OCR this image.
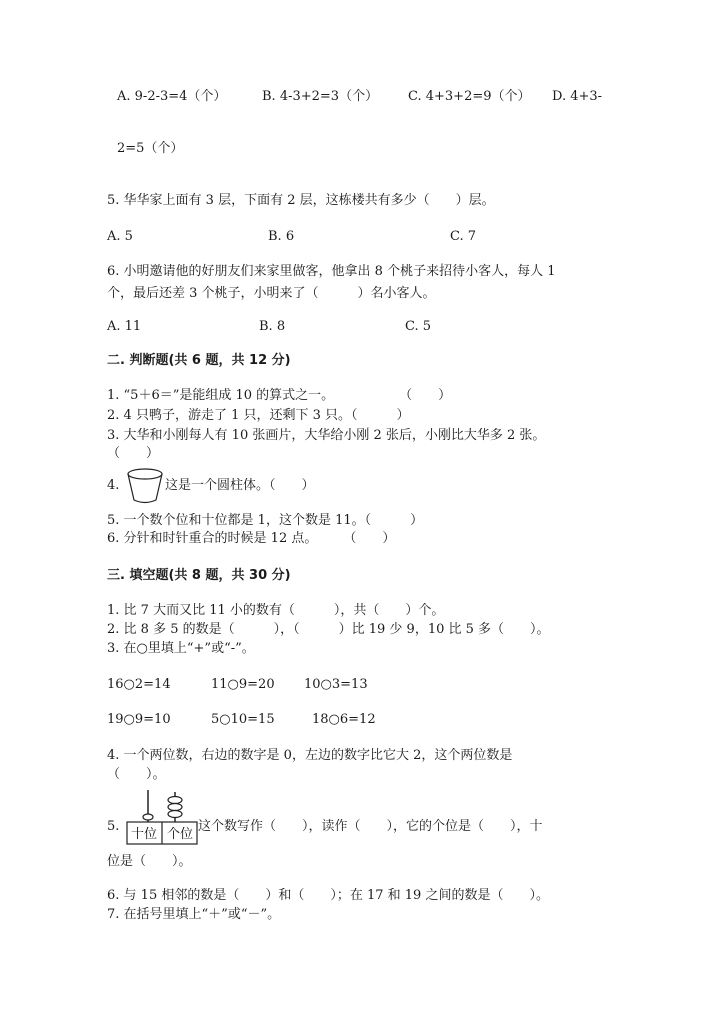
A. 9-2-3=4（个）	B. 4-3+2=3（个） C. 4+3+2=9（个） D. 4+3-
2=5（个）
5. 华华家上面有 3 层，下面有 2 层，这栋楼共有多少（　　）层。
A. 5	B. 6	C. 7
6. 小明邀请他的好朋友们来家里做客，他拿出 8 个桃子来招待小客人，每人 1
个，最后还差 3 个桃子，小明来了（　　　）名小客人。
A. 11	B. 8	C. 5
二. 判断题(共 6 题，共 12 分)
1. “5＋6＝”是能组成 10 的算式之一。　　　　　　（　　）
2. 4 只鸭子，游走了 1 只，还剩下 3 只。（　　　）
3. 大华和小刚每人有 10 张画片，大华给小刚 2 张后，小刚比大华多 2 张。
（　　）
4.	这是一个圆柱体。（　　）
5. 一个数个位和十位都是 1，这个数是 11。（　　　）
6. 分针和时针重合的时候是 12 点。　　　（　　）
三. 填空题(共 8 题，共 30 分)
1. 比 7 大而又比 11 小的数有（　　　），共（　　）个。
2. 比 8 多 5 的数是（　　　），（　　　）比 19 少 9，10 比 5 多（　　）。
3. 在○里填上“+”或“-”。
16○2=14	11○9=20 10○3=13
19○9=10	5○10=15	18○6=12
4. 一个两位数，右边的数字是 0，左边的数字比它大 2，这个两位数是
（　　）。
5.
十位 个位
这个数写作（　　），读作（　　），它的个位是（　　），十
位是（　　）。
6. 与 15 相邻的数是（　　）和（　　）；在 17 和 19 之间的数是（　　）。
7. 在括号里填上“＋”或“－”。
